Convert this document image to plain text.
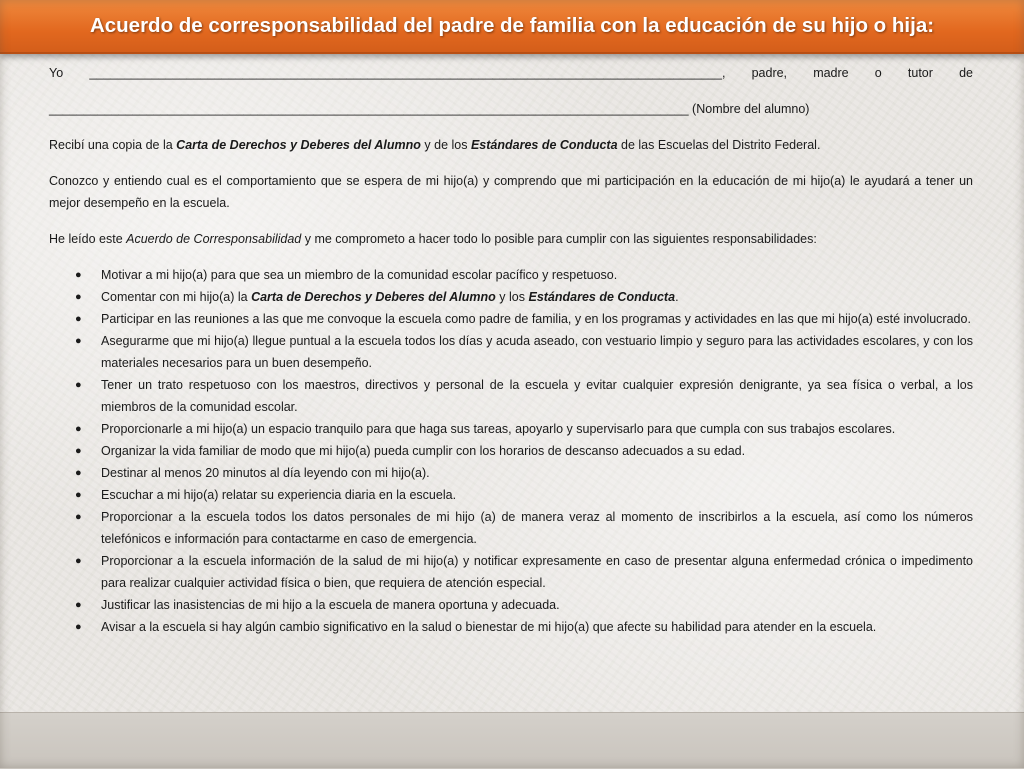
Acuerdo de corresponsabilidad del padre de familia con la educación de su hijo o hija:

Yo ___________________________________________________________________________________________, padre, madre o tutor de

____________________________________________________________________________________________ (Nombre del alumno)

Recibí una copia de la Carta de Derechos y Deberes del Alumno y de los Estándares de Conducta de las Escuelas del Distrito Federal.

Conozco y entiendo cual es el comportamiento que se espera de mi hijo(a) y comprendo que mi participación en la educación de mi hijo(a) le ayudará a tener un mejor desempeño en la escuela.

He leído este Acuerdo de Corresponsabilidad y me comprometo a hacer todo lo posible para cumplir con las siguientes responsabilidades:

● Motivar a mi hijo(a) para que sea un miembro de la comunidad escolar pacífico y respetuoso.
● Comentar con mi hijo(a) la Carta de Derechos y Deberes del Alumno y los Estándares de Conducta.
● Participar en las reuniones a las que me convoque la escuela como padre de familia, y en los programas y actividades en las que mi hijo(a) esté involucrado.
● Asegurarme que mi hijo(a) llegue puntual a la escuela todos los días y acuda aseado, con vestuario limpio y seguro para las actividades escolares, y con los materiales necesarios para un buen desempeño.
● Tener un trato respetuoso con los maestros, directivos y personal de la escuela y evitar cualquier expresión denigrante, ya sea física o verbal, a los miembros de la comunidad escolar.
● Proporcionarle a mi hijo(a) un espacio tranquilo para que haga sus tareas, apoyarlo y supervisarlo para que cumpla con sus trabajos escolares.
● Organizar la vida familiar de modo que mi hijo(a) pueda cumplir con los horarios de descanso adecuados a su edad.
● Destinar al menos 20 minutos al día leyendo con mi hijo(a).
● Escuchar a mi hijo(a) relatar su experiencia diaria en la escuela.
● Proporcionar a la escuela todos los datos personales de mi hijo (a) de manera veraz al momento de inscribirlos a la escuela, así como los números telefónicos e información para contactarme en caso de emergencia.
● Proporcionar a la escuela información de la salud de mi hijo(a) y notificar expresamente en caso de presentar alguna enfermedad crónica o impedimento para realizar cualquier actividad física o bien, que requiera de atención especial.
● Justificar las inasistencias de mi hijo a la escuela de manera oportuna y adecuada.
● Avisar a la escuela si hay algún cambio significativo en la salud o bienestar de mi hijo(a) que afecte su habilidad para atender en la escuela.
